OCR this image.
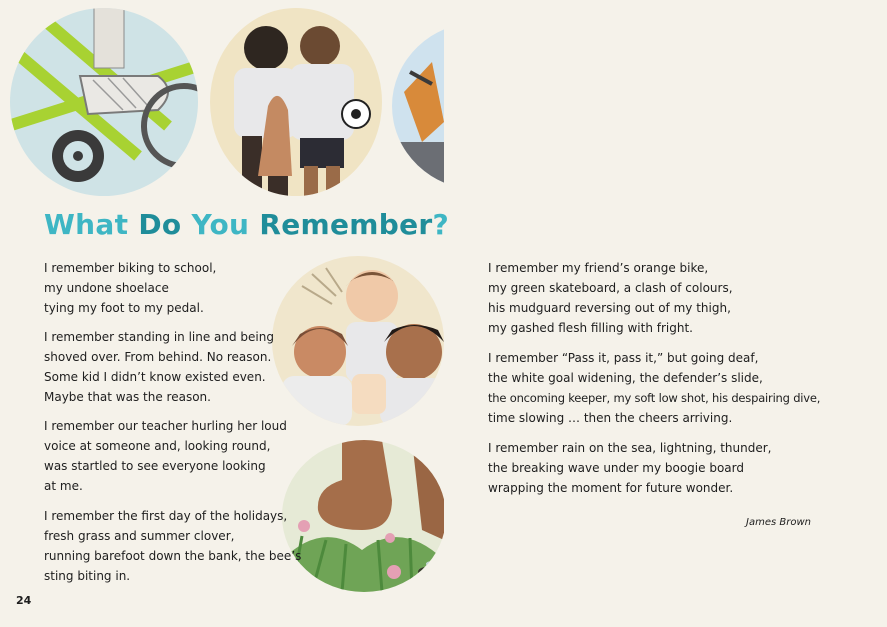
What Do You Remember?

I remember biking to school,
my undone shoelace
tying my foot to my pedal.

I remember standing in line and being
shoved over. From behind. No reason.
Some kid I didn’t know existed even.
Maybe that was the reason.

I remember our teacher hurling her loud
voice at someone and, looking round,
was startled to see everyone looking
at me.

I remember the first day of the holidays,
fresh grass and summer clover,
running barefoot down the bank, the bee’s
sting biting in.

I remember my friend’s orange bike,
my green skateboard, a clash of colours,
his mudguard reversing out of my thigh,
my gashed flesh filling with fright.

I remember “Pass it, pass it,” but going deaf,
the white goal widening, the defender’s slide,
the oncoming keeper, my soft low shot, his despairing dive,
time slowing … then the cheers arriving.

I remember rain on the sea, lightning, thunder,
the breaking wave under my boogie board
wrapping the moment for future wonder.

James Brown
24
